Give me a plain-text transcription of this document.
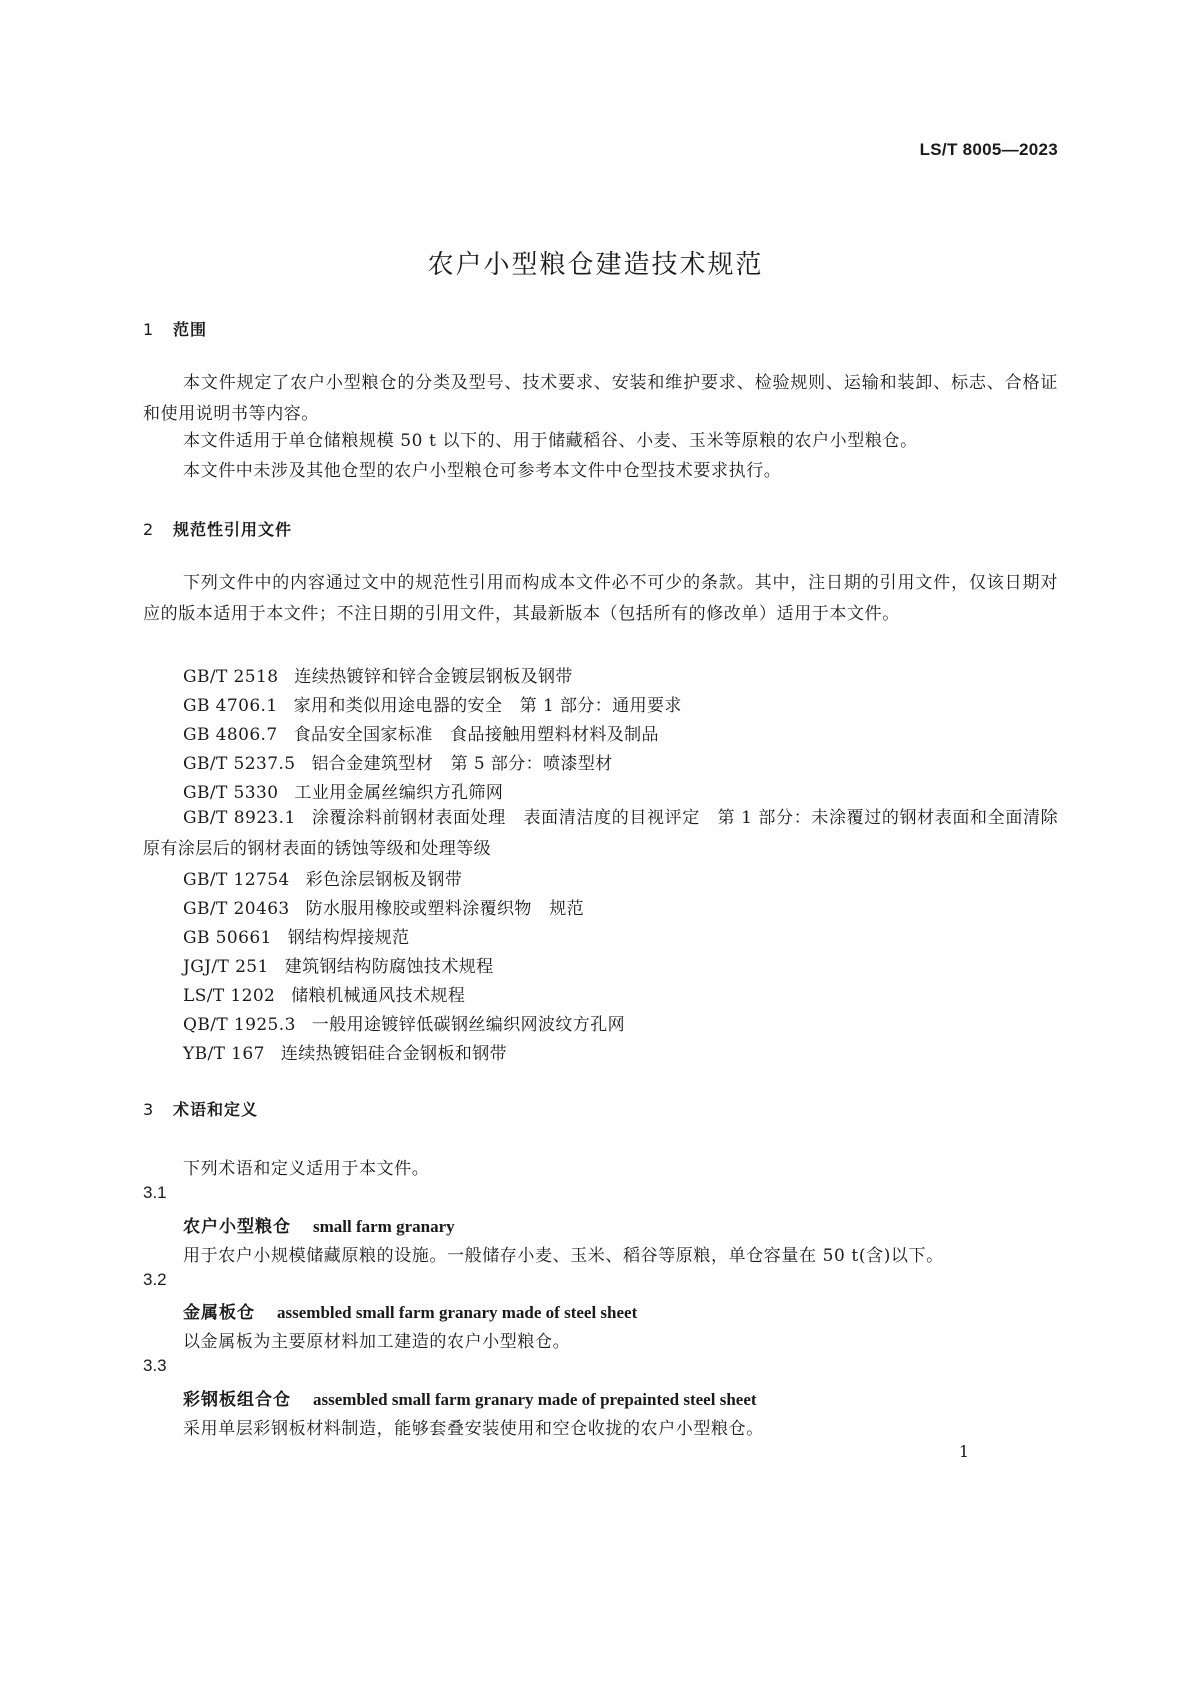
LS/T 8005—2023
农户小型粮仓建造技术规范
1 范围
本文件规定了农户小型粮仓的分类及型号、技术要求、安装和维护要求、检验规则、运输和装卸、标志、合格证和使用说明书等内容。
本文件适用于单仓储粮规模 50 t 以下的、用于储藏稻谷、小麦、玉米等原粮的农户小型粮仓。
本文件中未涉及其他仓型的农户小型粮仓可参考本文件中仓型技术要求执行。
2 规范性引用文件
下列文件中的内容通过文中的规范性引用而构成本文件必不可少的条款。其中，注日期的引用文件，仅该日期对应的版本适用于本文件；不注日期的引用文件，其最新版本（包括所有的修改单）适用于本文件。
GB/T 2518 连续热镀锌和锌合金镀层钢板及钢带
GB 4706.1 家用和类似用途电器的安全　第 1 部分：通用要求
GB 4806.7 食品安全国家标准　食品接触用塑料材料及制品
GB/T 5237.5 铝合金建筑型材　第 5 部分：喷漆型材
GB/T 5330 工业用金属丝编织方孔筛网
GB/T 8923.1 涂覆涂料前钢材表面处理　表面清洁度的目视评定　第 1 部分：未涂覆过的钢材表面和全面清除原有涂层后的钢材表面的锈蚀等级和处理等级
GB/T 12754 彩色涂层钢板及钢带
GB/T 20463 防水服用橡胶或塑料涂覆织物　规范
GB 50661 钢结构焊接规范
JGJ/T 251 建筑钢结构防腐蚀技术规程
LS/T 1202 储粮机械通风技术规程
QB/T 1925.3 一般用途镀锌低碳钢丝编织网波纹方孔网
YB/T 167 连续热镀铝硅合金钢板和钢带
3 术语和定义
下列术语和定义适用于本文件。
3.1
农户小型粮仓 small farm granary
用于农户小规模储藏原粮的设施。一般储存小麦、玉米、稻谷等原粮，单仓容量在 50 t(含)以下。
3.2
金属板仓 assembled small farm granary made of steel sheet
以金属板为主要原材料加工建造的农户小型粮仓。
3.3
彩钢板组合仓 assembled small farm granary made of prepainted steel sheet
采用单层彩钢板材料制造，能够套叠安装使用和空仓收拢的农户小型粮仓。
1
